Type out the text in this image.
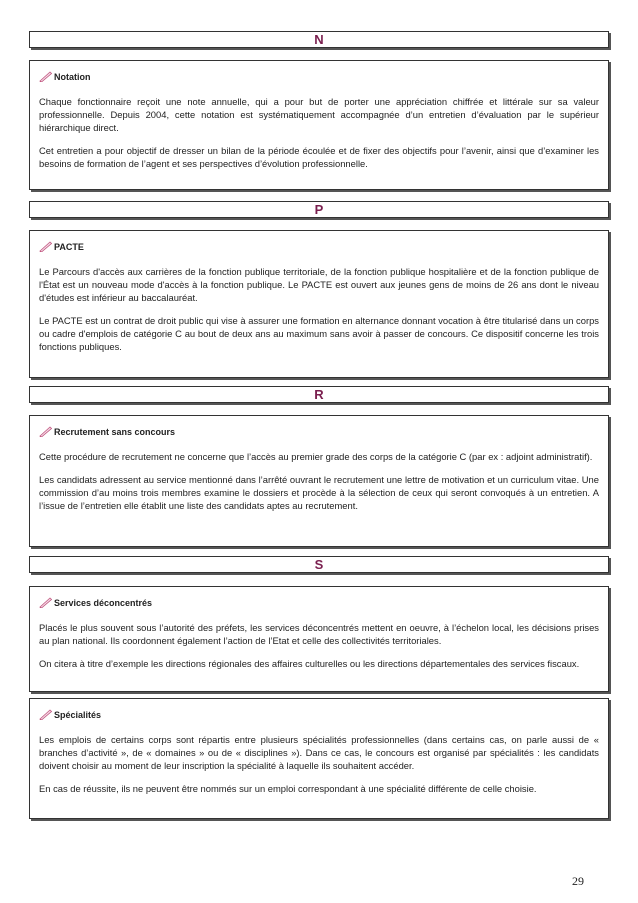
N
Notation

Chaque fonctionnaire reçoit une note annuelle, qui a pour but de porter une appréciation chiffrée et littérale sur sa valeur professionnelle. Depuis 2004, cette notation est systématiquement accompagnée d’un entretien d’évaluation par le supérieur hiérarchique direct.

Cet entretien a pour objectif de dresser un bilan de la période écoulée et de fixer des objectifs pour l’avenir, ainsi que d’examiner les besoins de formation de l’agent et ses perspectives d’évolution professionnelle.

P
PACTE

Le Parcours d'accès aux carrières de la fonction publique territoriale, de la fonction publique hospitalière et de la fonction publique de l'État est un nouveau mode d'accès à la fonction publique. Le PACTE est ouvert aux jeunes gens de moins de 26 ans dont le niveau d'études est inférieur au baccalauréat.

Le PACTE est un contrat de droit public qui vise à assurer une formation en alternance donnant vocation à être titularisé dans un corps ou cadre d'emplois de catégorie C au bout de deux ans au maximum sans avoir à passer de concours. Ce dispositif concerne les trois fonctions publiques.

R
Recrutement sans concours

Cette procédure de recrutement ne concerne que l’accès au premier grade des corps de la catégorie C (par ex : adjoint administratif).

Les candidats adressent au service mentionné dans l’arrêté ouvrant le recrutement une lettre de motivation et un curriculum vitae. Une commission d’au moins trois membres examine le dossiers et procède à la sélection de ceux qui seront convoqués à un entretien. A l’issue de l’entretien elle établit une liste des candidats aptes au recrutement.

S
Services déconcentrés

Placés le plus souvent sous l’autorité des préfets, les services déconcentrés mettent en oeuvre, à l’échelon local, les décisions prises au plan national. Ils coordonnent également l’action de l’Etat et celle des collectivités territoriales.

On citera à titre d’exemple les directions régionales des affaires culturelles ou les directions départementales des services fiscaux.

Spécialités

Les emplois de certains corps sont répartis entre plusieurs spécialités professionnelles (dans certains cas, on parle aussi de « branches d’activité », de « domaines » ou de « disciplines »). Dans ce cas, le concours est organisé par spécialités : les candidats doivent choisir au moment de leur inscription la spécialité à laquelle ils souhaitent accéder.

En cas de réussite, ils ne peuvent être nommés sur un emploi correspondant à une spécialité différente de celle choisie.

29
